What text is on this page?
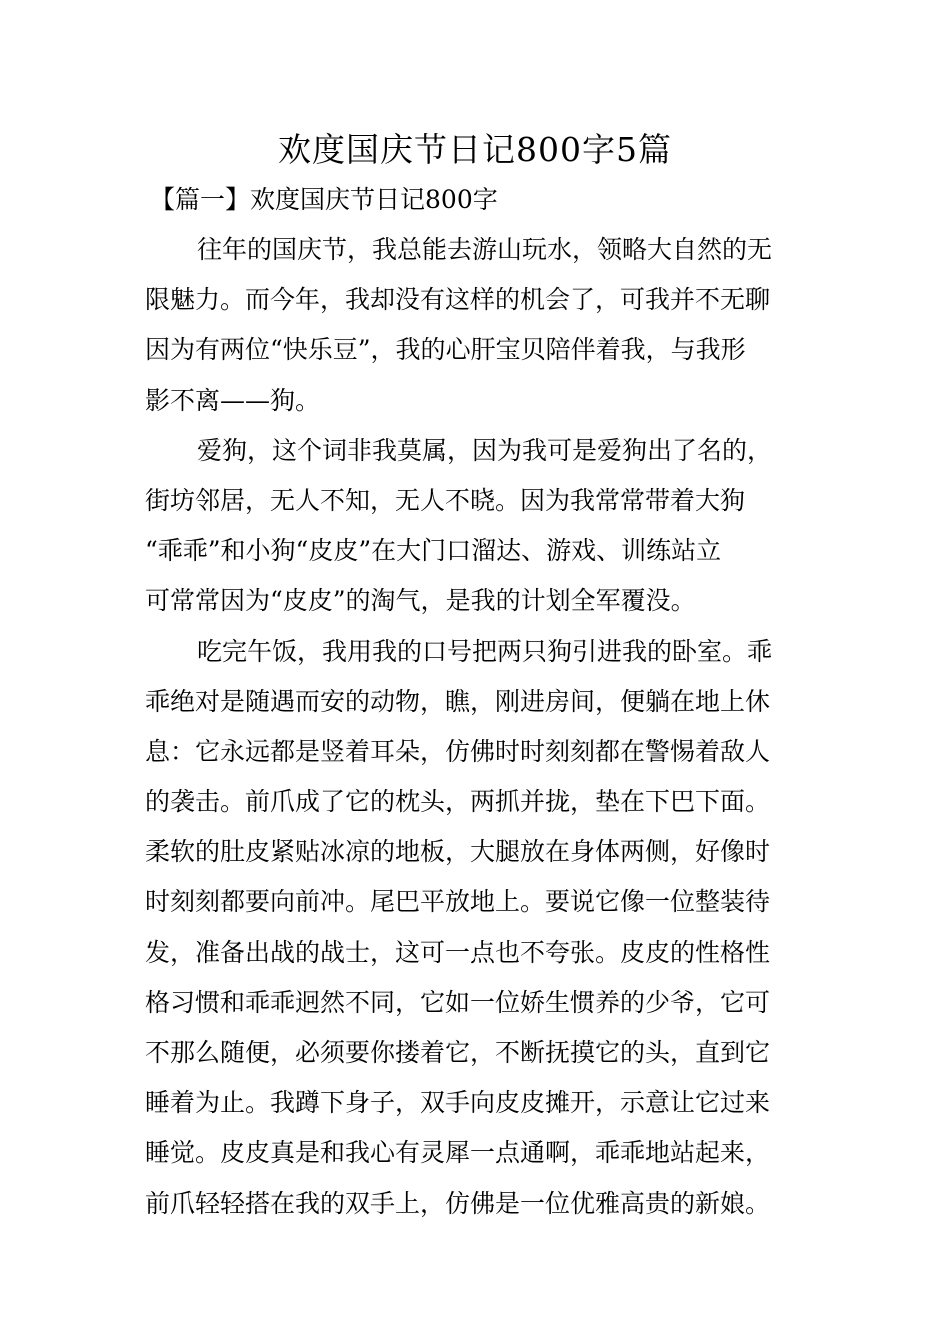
欢度国庆节日记800字5篇
【篇一】欢度国庆节日记800字
往年的国庆节，我总能去游山玩水，领略大自然的无
限魅力。而今年，我却没有这样的机会了，可我并不无聊
因为有两位“快乐豆”，我的心肝宝贝陪伴着我，与我形
影不离——狗。
爱狗，这个词非我莫属，因为我可是爱狗出了名的，
街坊邻居，无人不知，无人不晓。因为我常常带着大狗
“乖乖”和小狗“皮皮”在大门口溜达、游戏、训练站立
可常常因为“皮皮”的淘气，是我的计划全军覆没。
吃完午饭，我用我的口号把两只狗引进我的卧室。乖
乖绝对是随遇而安的动物，瞧，刚进房间，便躺在地上休
息：它永远都是竖着耳朵，仿佛时时刻刻都在警惕着敌人
的袭击。前爪成了它的枕头，两抓并拢，垫在下巴下面。
柔软的肚皮紧贴冰凉的地板，大腿放在身体两侧，好像时
时刻刻都要向前冲。尾巴平放地上。要说它像一位整装待
发，准备出战的战士，这可一点也不夸张。皮皮的性格性
格习惯和乖乖迥然不同，它如一位娇生惯养的少爷，它可
不那么随便，必须要你搂着它，不断抚摸它的头，直到它
睡着为止。我蹲下身子，双手向皮皮摊开，示意让它过来
睡觉。皮皮真是和我心有灵犀一点通啊，乖乖地站起来，
前爪轻轻搭在我的双手上，仿佛是一位优雅高贵的新娘。
